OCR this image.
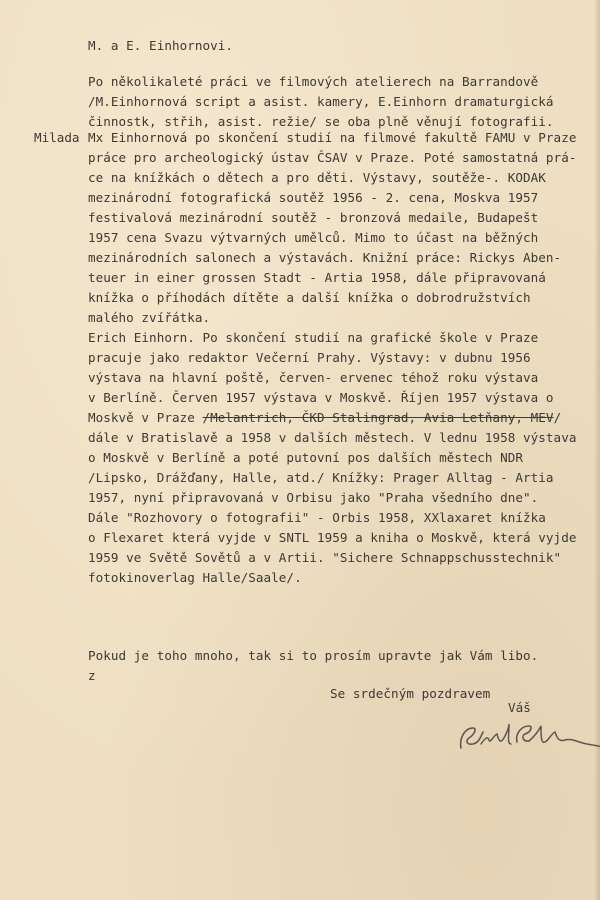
M. a E. Einhornovi.
Po několikaleté práci ve filmových atelierech na Barrandově
/M.Einhornová script a asist. kamery, E.Einhorn dramaturgická
činnostk, střih, asist. režie/ se oba plně věnují fotografii.
Milada Mx Einhornová po skončení studií na filmové fakultě FAMU v Praze
práce pro archeologický ústav ČSAV v Praze. Poté samostatná prá-
ce na knížkách o dětech a pro děti. Výstavy, soutěže-. KODAK
mezinárodní fotografická soutěž 1956 - 2. cena, Moskva 1957
festivalová mezinárodní soutěž - bronzová medaile, Budapešt
1957 cena Svazu výtvarných umělců. Mimo to účast na běžných
mezinárodních salonech a výstavách. Knižní práce: Rickys Aben-
teuer in einer grossen Stadt - Artia 1958, dále připravovaná
knížka o příhodách dítěte a další knížka o dobrodružstvích
malého zvířátka.
Erich Einhorn. Po skončení studií na grafické škole v Praze
pracuje jako redaktor Večerní Prahy. Výstavy: v dubnu 1956
výstava na hlavní poště, červen- ervenec téhož roku výstava
v Berlíně. Červen 1957 výstava v Moskvě. Říjen 1957 výstava o
Moskvě v Praze /Melantrich, ČKD Stalingrad, Avia Letňany, MEV/
dále v Bratislavě a 1958 v dalších městech. V lednu 1958 výstava
o Moskvě v Berlíně a poté putovní pos dalších městech NDR
/Lipsko, Drážďany, Halle, atd./ Knížky: Prager Alltag - Artia
1957, nyní připravovaná v Orbisu jako "Praha všedního dne".
Dále "Rozhovory o fotografii" - Orbis 1958, XXlaxaret knížka
o Flexaret která vyjde v SNTL 1959 a kniha o Moskvě, která vyjde
1959 ve Světě Sovětů a v Artii. "Sichere Schnappschusstechnik"
fotokinoverlag Halle/Saale/.
Pokud je toho mnoho, tak si to prosím upravte jak Vám libo.
z
Se srdečným pozdravem
Váš
